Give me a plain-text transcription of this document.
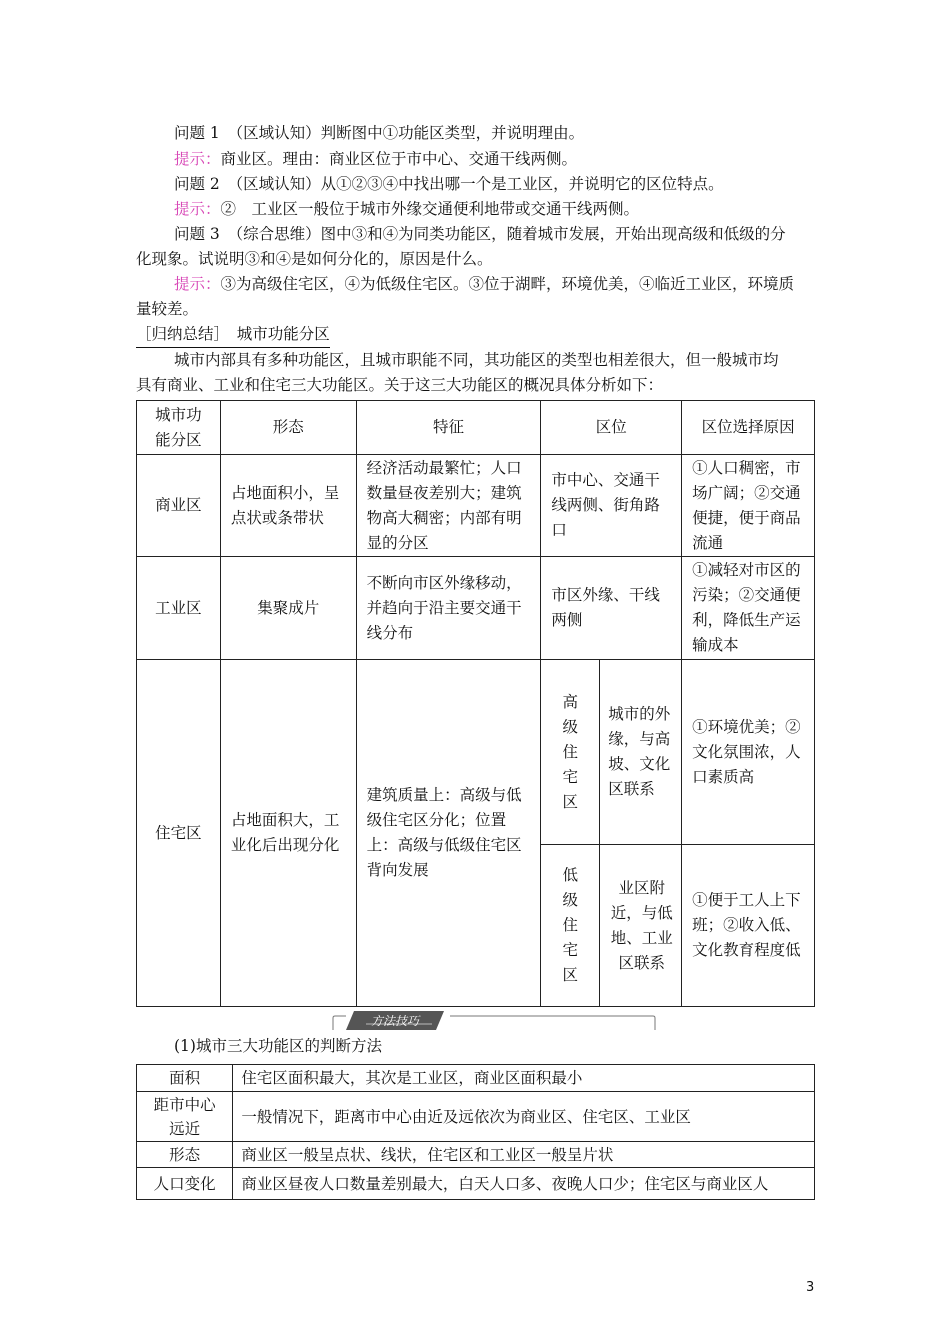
问题 1　 （区域认知）判断图中①功能区类型，并说明理由。
提示：商业区。理由：商业区位于市中心、交通干线两侧。
问题 2　 （区域认知）从①②③④中找出哪一个是工业区，并说明它的区位特点。
提示：②　工业区一般位于城市外缘交通便利地带或交通干线两侧。
问题 3　 （综合思维）图中③和④为同类功能区，随着城市发展，开始出现高级和低级的分
化现象。试说明③和④是如何分化的，原因是什么。
提示：③为高级住宅区，④为低级住宅区。③位于湖畔，环境优美，④临近工业区，环境质
量较差。
［归纳总结］　 城市功能分区
城市内部具有多种功能区，且城市职能不同，其功能区的类型也相差很大，但一般城市均
具有商业、工业和住宅三大功能区。关于这三大功能区的概况具体分析如下：
城市功能分区	形态	特征	区位		区位选择原因
商业区	占地面积小，呈点状或条带状	经济活动最繁忙；人口数量昼夜差别大；建筑物高大稠密；内部有明显的分区	市中心、交通干线两侧、街角路口		①人口稠密，市场广阔；②交通便捷，便于商品流通
工业区	集聚成片	不断向市区外缘移动，并趋向于沿主要交通干线分布	市区外缘、干线两侧		①减轻对市区的污染；②交通便利，降低生产运输成本
住宅区	占地面积大，工业化后出现分化	建筑质量上：高级与低级住宅区分化；位置上：高级与低级住宅区背向发展	高级住宅区	城市的外缘，与高坡、文化区联系	①环境优美；②文化氛围浓，人口素质高
			低级住宅区	业区附近，与低地、工业区联系	①便于工人上下班；②收入低、文化教育程度低
方法技巧
(1)城市三大功能区的判断方法
面积	住宅区面积最大，其次是工业区，商业区面积最小
距市中心远近	一般情况下，距离市中心由近及远依次为商业区、住宅区、工业区
形态	商业区一般呈点状、线状，住宅区和工业区一般呈片状
人口变化	商业区昼夜人口数量差别最大，白天人口多、夜晚人口少；住宅区与商业区人
3
